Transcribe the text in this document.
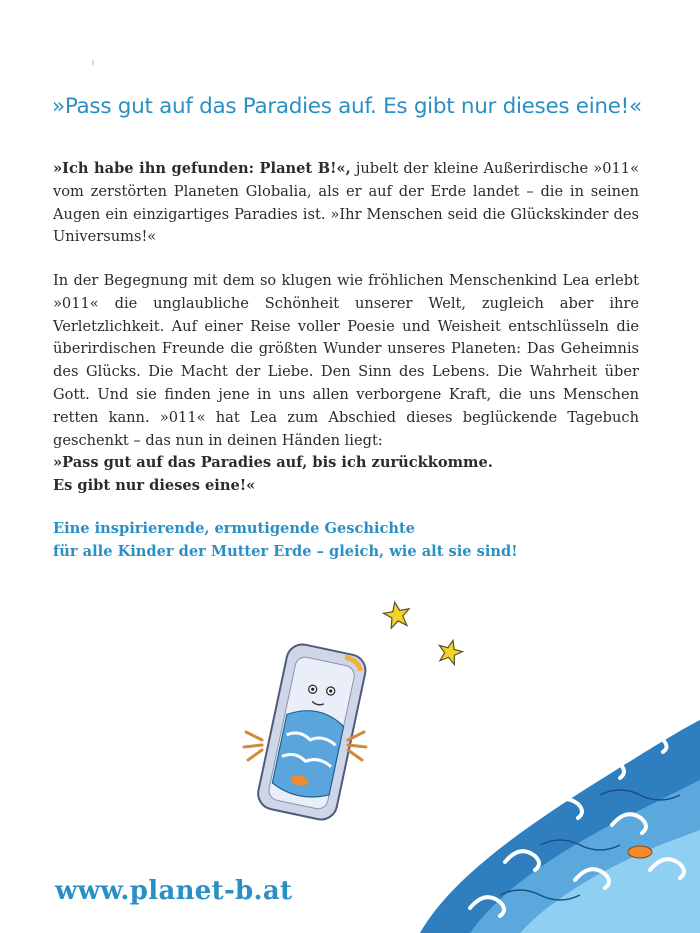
»Pass gut auf das Paradies auf. Es gibt nur dieses eine!«

»Ich habe ihn gefunden: Planet B!«, jubelt der kleine Außerirdische »011« vom zerstörten Planeten Globalia, als er auf der Erde landet – die in seinen Augen ein einzigartiges Paradies ist. »Ihr Menschen seid die Glückskinder des Universums!«

In der Begegnung mit dem so klugen wie fröhlichen Menschenkind Lea erlebt »011« die unglaubliche Schönheit unserer Welt, zugleich aber ihre Verletzlichkeit. Auf einer Reise voller Poesie und Weisheit entschlüsseln die überirdischen Freunde die größten Wunder unseres Planeten: Das Geheimnis des Glücks. Die Macht der Liebe. Den Sinn des Lebens. Die Wahrheit über Gott. Und sie finden jene in uns allen verborgene Kraft, die uns Menschen retten kann. »011« hat Lea zum Abschied dieses beglückende Tagebuch geschenkt – das nun in deinen Händen liegt:
»Pass gut auf das Paradies auf, bis ich zurückkomme.
Es gibt nur dieses eine!«

Eine inspirierende, ermutigende Geschichte
für alle Kinder der Mutter Erde – gleich, wie alt sie sind!

www.planet-b.at
